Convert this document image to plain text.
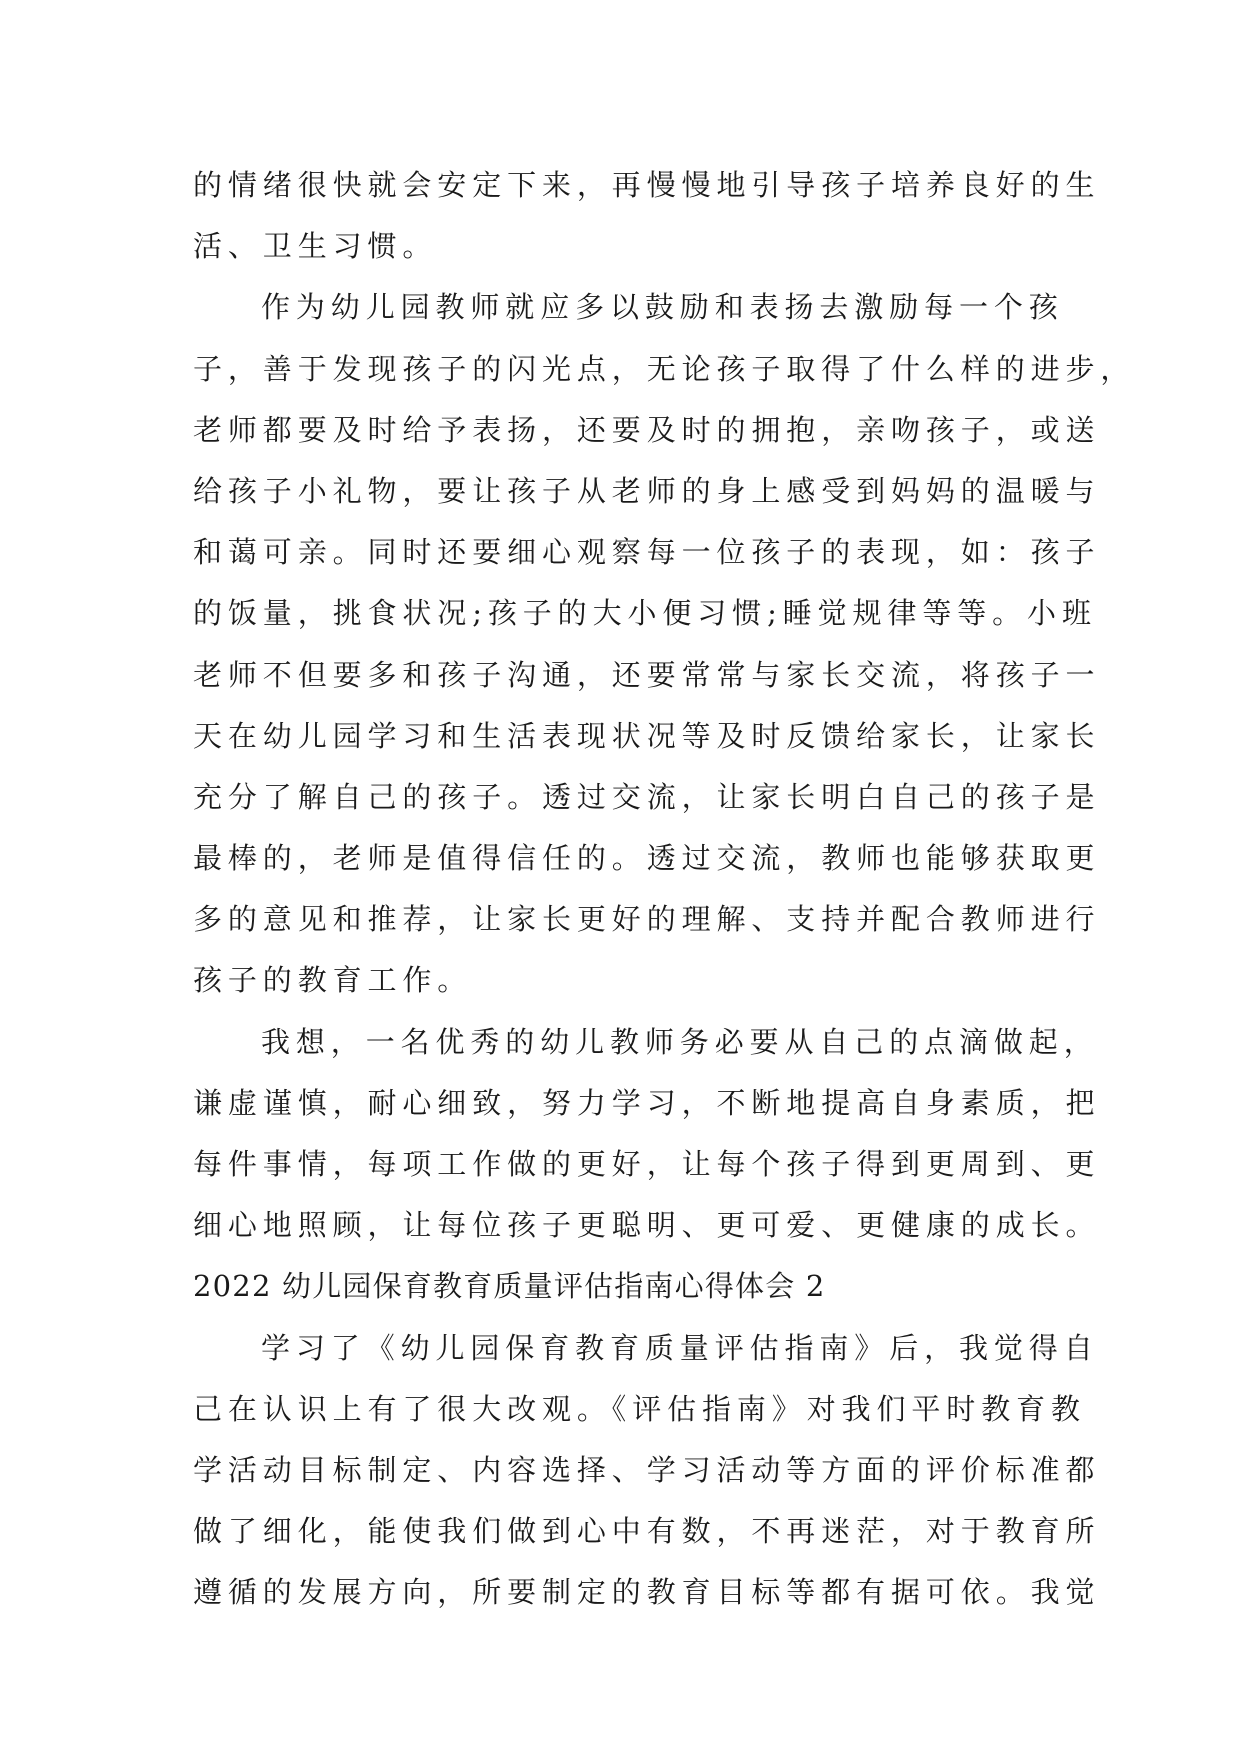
的情绪很快就会安定下来，再慢慢地引导孩子培养良好的生
活、卫生习惯。
作为幼儿园教师就应多以鼓励和表扬去激励每一个孩
子，善于发现孩子的闪光点，无论孩子取得了什么样的进步，
老师都要及时给予表扬，还要及时的拥抱，亲吻孩子，或送
给孩子小礼物，要让孩子从老师的身上感受到妈妈的温暖与
和蔼可亲。同时还要细心观察每一位孩子的表现，如：孩子
的饭量，挑食状况;孩子的大小便习惯;睡觉规律等等。小班
老师不但要多和孩子沟通，还要常常与家长交流，将孩子一
天在幼儿园学习和生活表现状况等及时反馈给家长，让家长
充分了解自己的孩子。透过交流，让家长明白自己的孩子是
最棒的，老师是值得信任的。透过交流，教师也能够获取更
多的意见和推荐，让家长更好的理解、支持并配合教师进行
孩子的教育工作。
我想，一名优秀的幼儿教师务必要从自己的点滴做起，
谦虚谨慎，耐心细致，努力学习，不断地提高自身素质，把
每件事情，每项工作做的更好，让每个孩子得到更周到、更
细心地照顾，让每位孩子更聪明、更可爱、更健康的成长。
2022 幼儿园保育教育质量评估指南心得体会 2
学习了《幼儿园保育教育质量评估指南》后，我觉得自
己在认识上有了很大改观。《评估指南》对我们平时教育教
学活动目标制定、内容选择、学习活动等方面的评价标准都
做了细化，能使我们做到心中有数，不再迷茫，对于教育所
遵循的发展方向，所要制定的教育目标等都有据可依。我觉
